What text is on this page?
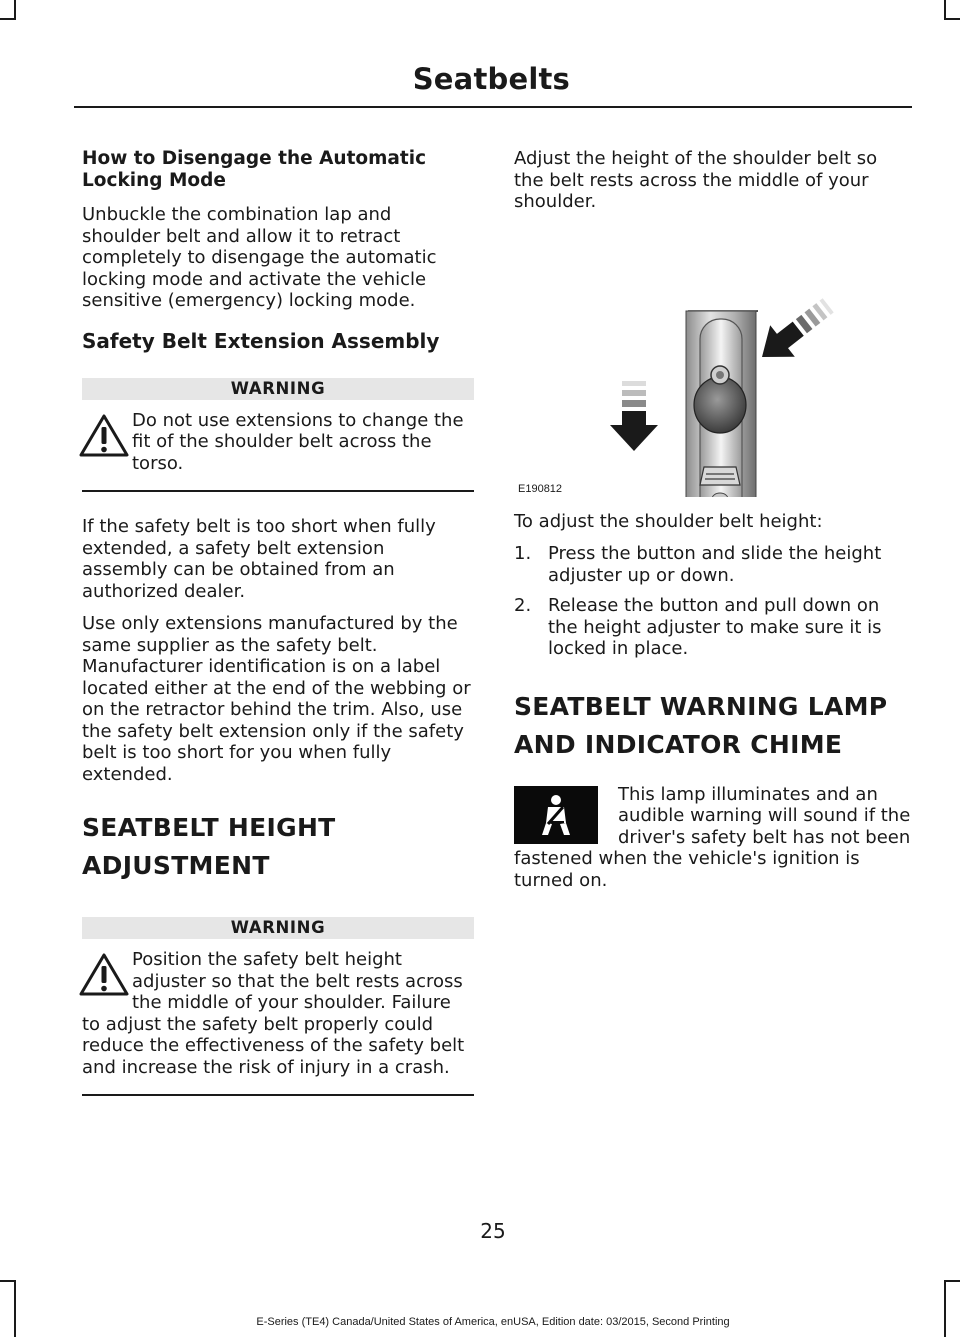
Seatbelts
How to Disengage the Automatic Locking Mode

Unbuckle the combination lap and shoulder belt and allow it to retract completely to disengage the automatic locking mode and activate the vehicle sensitive (emergency) locking mode.

Safety Belt Extension Assembly
WARNING
Do not use extensions to change the fit of the shoulder belt across the torso.

If the safety belt is too short when fully extended, a safety belt extension assembly can be obtained from an authorized dealer.

Use only extensions manufactured by the same supplier as the safety belt. Manufacturer identification is on a label located either at the end of the webbing or on the retractor behind the trim. Also, use the safety belt extension only if the safety belt is too short for you when fully extended.

SEATBELT HEIGHT
ADJUSTMENT
WARNING
Position the safety belt height adjuster so that the belt rests across the middle of your shoulder. Failure to adjust the safety belt properly could reduce the effectiveness of the safety belt and increase the risk of injury in a crash.

Adjust the height of the shoulder belt so the belt rests across the middle of your shoulder.

E190812

To adjust the shoulder belt height:

1. Press the button and slide the height adjuster up or down.
2. Release the button and pull down on the height adjuster to make sure it is locked in place.
SEATBELT WARNING LAMP
AND INDICATOR CHIME

This lamp illuminates and an audible warning will sound if the driver's safety belt has not been fastened when the vehicle's ignition is turned on.

25
E-Series (TE4) Canada/United States of America, enUSA, Edition date: 03/2015, Second Printing
